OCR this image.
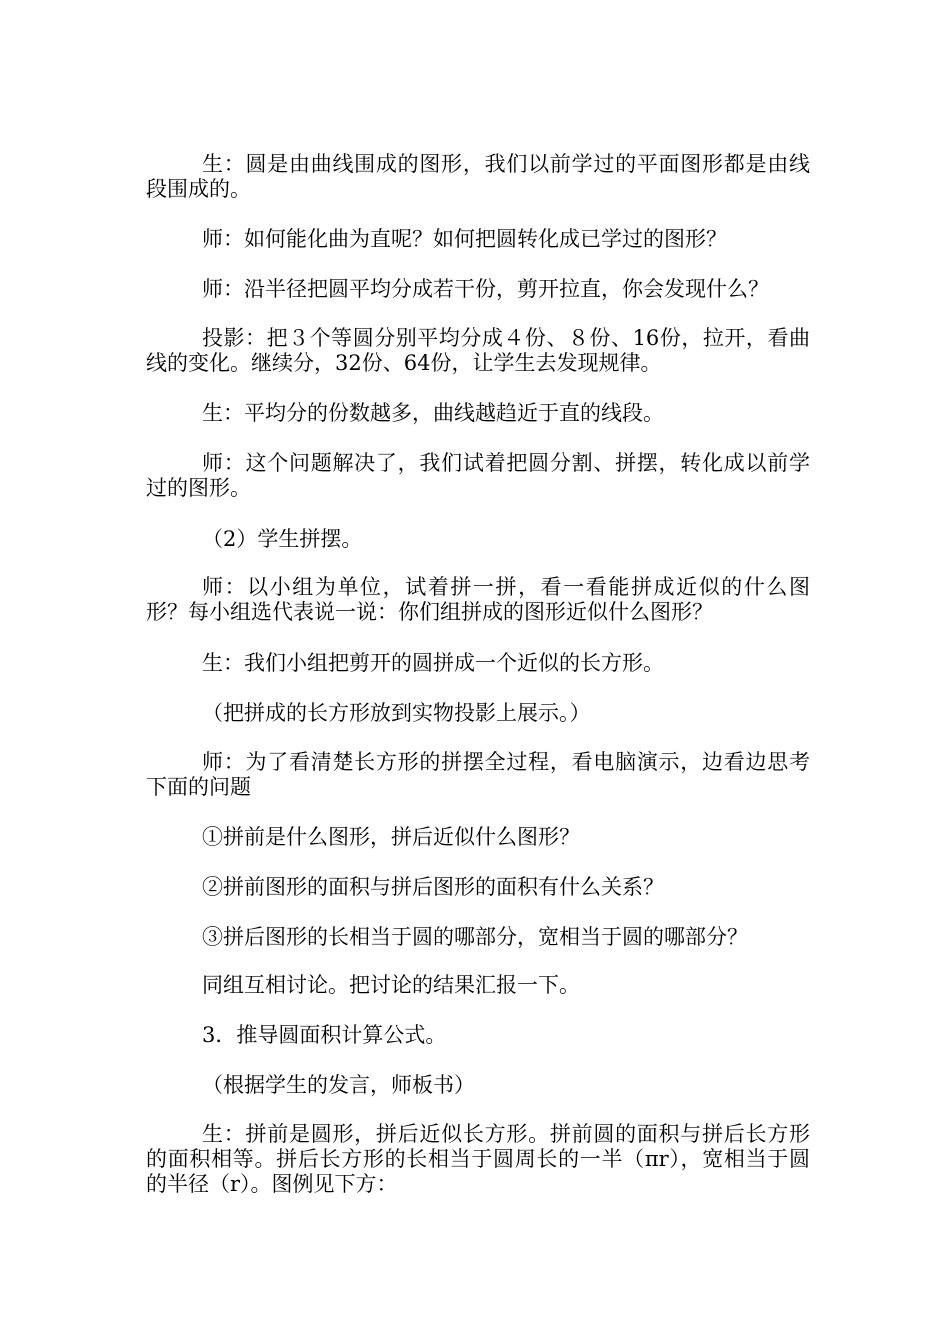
生：圆是由曲线围成的图形，我们以前学过的平面图形都是由线段围成的。

师：如何能化曲为直呢？如何把圆转化成已学过的图形？

师：沿半径把圆平均分成若干份，剪开拉直，你会发现什么？

投影：把３个等圆分别平均分成４份、８份、16份，拉开，看曲线的变化。继续分，32份、64份，让学生去发现规律。

生：平均分的份数越多，曲线越趋近于直的线段。

师：这个问题解决了，我们试着把圆分割、拼摆，转化成以前学过的图形。

（2）学生拼摆。

师：以小组为单位，试着拼一拼，看一看能拼成近似的什么图形？每小组选代表说一说：你们组拼成的图形近似什么图形？

生：我们小组把剪开的圆拼成一个近似的长方形。

（把拼成的长方形放到实物投影上展示。）

师：为了看清楚长方形的拼摆全过程，看电脑演示，边看边思考下面的问题

①拼前是什么图形，拼后近似什么图形？

②拼前图形的面积与拼后图形的面积有什么关系？

③拼后图形的长相当于圆的哪部分，宽相当于圆的哪部分？

同组互相讨论。把讨论的结果汇报一下。

3．推导圆面积计算公式。

（根据学生的发言，师板书）

生：拼前是圆形，拼后近似长方形。拼前圆的面积与拼后长方形的面积相等。拼后长方形的长相当于圆周长的一半（πr），宽相当于圆的半径（r）。图例见下方：
